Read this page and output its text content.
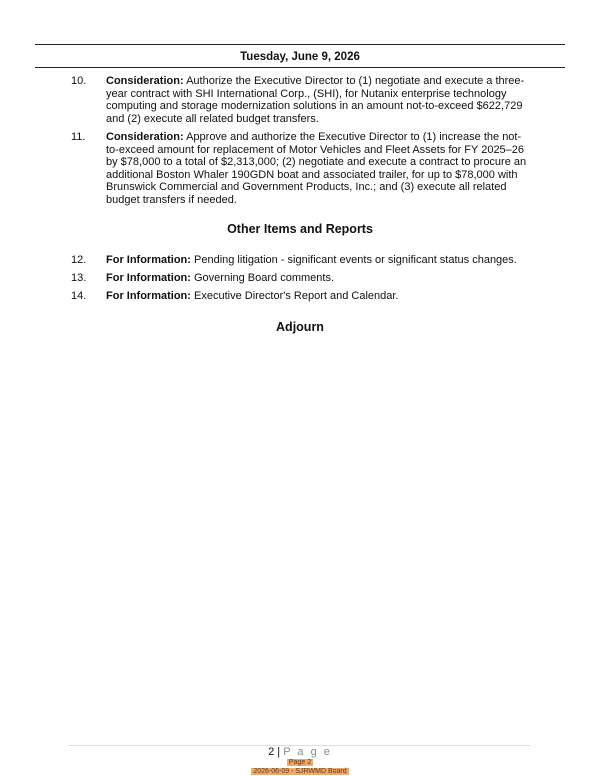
Tuesday, June 9, 2026
10.	Consideration: Authorize the Executive Director to (1) negotiate and execute a three-year contract with SHI International Corp., (SHI), for Nutanix enterprise technology computing and storage modernization solutions in an amount not-to-exceed $622,729 and (2) execute all related budget transfers.
11.	Consideration: Approve and authorize the Executive Director to (1) increase the not-to-exceed amount for replacement of Motor Vehicles and Fleet Assets for FY 2025–26 by $78,000 to a total of $2,313,000; (2) negotiate and execute a contract to procure an additional Boston Whaler 190GDN boat and associated trailer, for up to $78,000 with Brunswick Commercial and Government Products, Inc.; and (3) execute all related budget transfers if needed.
Other Items and Reports
12.	For Information: Pending litigation - significant events or significant status changes.
13.	For Information: Governing Board comments.
14.	For Information: Executive Director's Report and Calendar.
Adjourn
2 | P a g e
Page 2
2026-06-09 - SJRWMD Board
